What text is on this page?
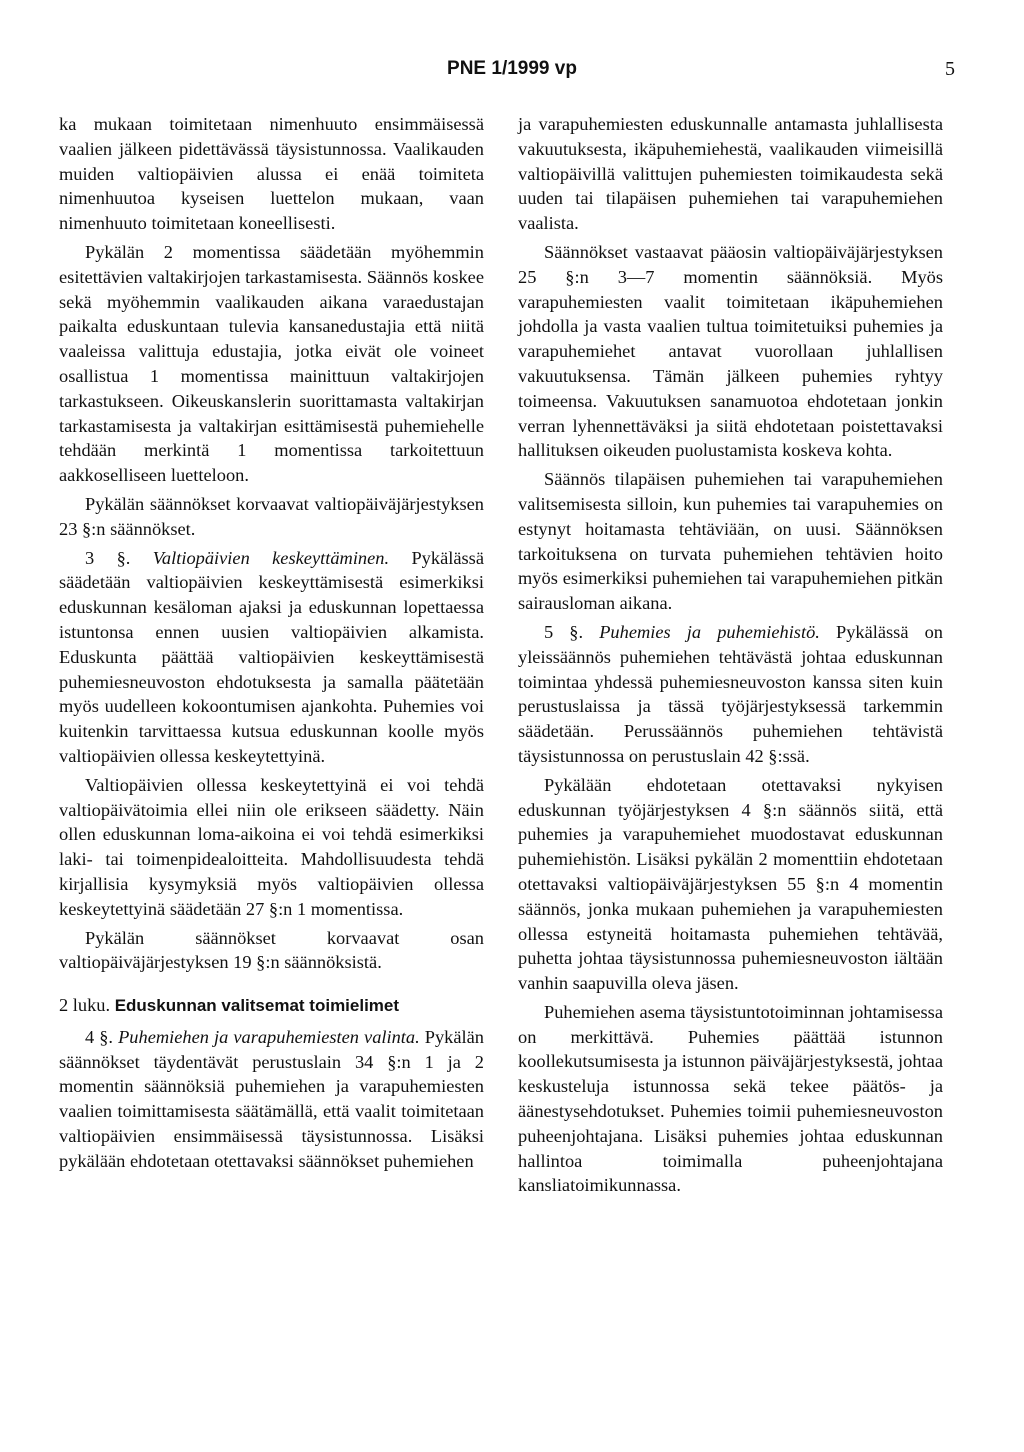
PNE 1/1999 vp	5

ka mukaan toimitetaan nimenhuuto ensimmäisessä vaalien jälkeen pidettävässä täysistunnossa. Vaalikauden muiden valtiopäivien alussa ei enää toimiteta nimenhuutoa kyseisen luettelon mukaan, vaan nimenhuuto toimitetaan koneellisesti.

Pykälän 2 momentissa säädetään myöhemmin esitettävien valtakirjojen tarkastamisesta. Säännös koskee sekä myöhemmin vaalikauden aikana varaedustajan paikalta eduskuntaan tulevia kansanedustajia että niitä vaaleissa valittuja edustajia, jotka eivät ole voineet osallistua 1 momentissa mainittuun valtakirjojen tarkastukseen. Oikeuskanslerin suorittamasta valtakirjan tarkastamisesta ja valtakirjan esittämisestä puhemiehelle tehdään merkintä 1 momentissa tarkoitettuun aakkoselliseen luetteloon.

Pykälän säännökset korvaavat valtiopäiväjärjestyksen 23 §:n säännökset.

3 §. Valtiopäivien keskeyttäminen. Pykälässä säädetään valtiopäivien keskeyttämisestä esimerkiksi eduskunnan kesäloman ajaksi ja eduskunnan lopettaessa istuntonsa ennen uusien valtiopäivien alkamista. Eduskunta päättää valtiopäivien keskeyttämisestä puhemiesneuvoston ehdotuksesta ja samalla päätetään myös uudelleen kokoontumisen ajankohta. Puhemies voi kuitenkin tarvittaessa kutsua eduskunnan koolle myös valtiopäivien ollessa keskeytettyinä.

Valtiopäivien ollessa keskeytettyinä ei voi tehdä valtiopäivätoimia ellei niin ole erikseen säädetty. Näin ollen eduskunnan loma-aikoina ei voi tehdä esimerkiksi laki- tai toimenpidealoitteita. Mahdollisuudesta tehdä kirjallisia kysymyksiä myös valtiopäivien ollessa keskeytettyinä säädetään 27 §:n 1 momentissa.

Pykälän säännökset korvaavat osan valtiopäiväjärjestyksen 19 §:n säännöksistä.

2 luku. Eduskunnan valitsemat toimielimet

4 §. Puhemiehen ja varapuhemiesten valinta. Pykälän säännökset täydentävät perustuslain 34 §:n 1 ja 2 momentin säännöksiä puhemiehen ja varapuhemiesten vaalien toimittamisesta säätämällä, että vaalit toimitetaan valtiopäivien ensimmäisessä täysistunnossa. Lisäksi pykälään ehdotetaan otettavaksi säännökset puhemiehen

ja varapuhemiesten eduskunnalle antamasta juhlallisesta vakuutuksesta, ikäpuhemiehestä, vaalikauden viimeisillä valtiopäivillä valittujen puhemiesten toimikaudesta sekä uuden tai tilapäisen puhemiehen tai varapuhemiehen vaalista.

Säännökset vastaavat pääosin valtiopäiväjärjestyksen 25 §:n 3—7 momentin säännöksiä. Myös varapuhemiesten vaalit toimitetaan ikäpuhemiehen johdolla ja vasta vaalien tultua toimitetuiksi puhemies ja varapuhemiehet antavat vuorollaan juhlallisen vakuutuksensa. Tämän jälkeen puhemies ryhtyy toimeensa. Vakuutuksen sanamuotoa ehdotetaan jonkin verran lyhennettäväksi ja siitä ehdotetaan poistettavaksi hallituksen oikeuden puolustamista koskeva kohta.

Säännös tilapäisen puhemiehen tai varapuhemiehen valitsemisesta silloin, kun puhemies tai varapuhemies on estynyt hoitamasta tehtäviään, on uusi. Säännöksen tarkoituksena on turvata puhemiehen tehtävien hoito myös esimerkiksi puhemiehen tai varapuhemiehen pitkän sairausloman aikana.

5 §. Puhemies ja puhemiehistö. Pykälässä on yleissäännös puhemiehen tehtävästä johtaa eduskunnan toimintaa yhdessä puhemiesneuvoston kanssa siten kuin perustuslaissa ja tässä työjärjestyksessä tarkemmin säädetään. Perussäännös puhemiehen tehtävistä täysistunnossa on perustuslain 42 §:ssä.

Pykälään ehdotetaan otettavaksi nykyisen eduskunnan työjärjestyksen 4 §:n säännös siitä, että puhemies ja varapuhemiehet muodostavat eduskunnan puhemiehistön. Lisäksi pykälän 2 momenttiin ehdotetaan otettavaksi valtiopäiväjärjestyksen 55 §:n 4 momentin säännös, jonka mukaan puhemiehen ja varapuhemiesten ollessa estyneitä hoitamasta puhemiehen tehtävää, puhetta johtaa täysistunnossa puhemiesneuvoston iältään vanhin saapuvilla oleva jäsen.

Puhemiehen asema täysistuntotoiminnan johtamisessa on merkittävä. Puhemies päättää istunnon koollekutsumisesta ja istunnon päiväjärjestyksestä, johtaa keskusteluja istunnossa sekä tekee päätös- ja äänestysehdotukset. Puhemies toimii puhemiesneuvoston puheenjohtajana. Lisäksi puhemies johtaa eduskunnan hallintoa toimimalla puheenjohtajana kansliatoimikunnassa.
